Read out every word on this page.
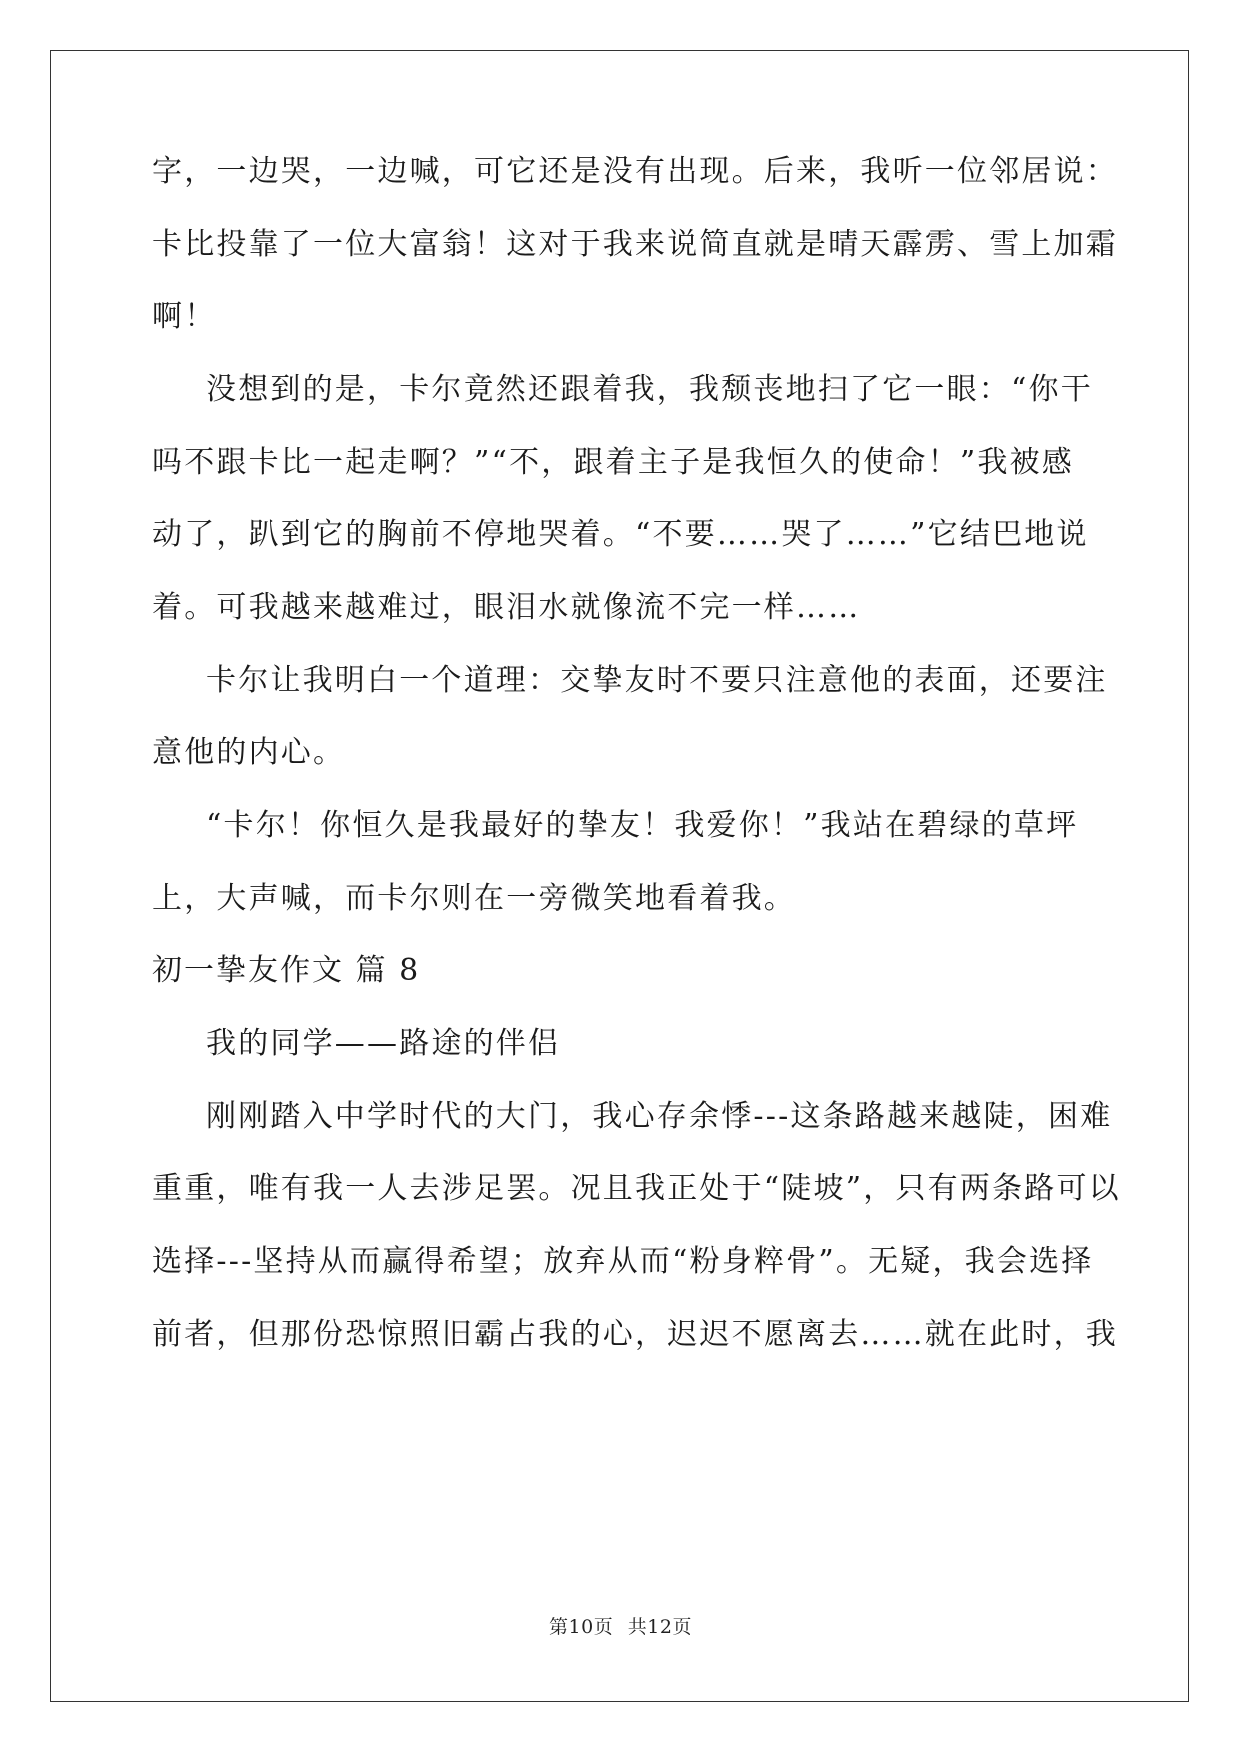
字，一边哭，一边喊，可它还是没有出现。后来，我听一位邻居说：
卡比投靠了一位大富翁！这对于我来说简直就是晴天霹雳、雪上加霜
啊！
没想到的是，卡尔竟然还跟着我，我颓丧地扫了它一眼：“你干
吗不跟卡比一起走啊？”“不，跟着主子是我恒久的使命！”我被感
动了，趴到它的胸前不停地哭着。“不要……哭了……”它结巴地说
着。可我越来越难过，眼泪水就像流不完一样……
卡尔让我明白一个道理：交挚友时不要只注意他的表面，还要注
意他的内心。
“卡尔！你恒久是我最好的挚友！我爱你！”我站在碧绿的草坪
上，大声喊，而卡尔则在一旁微笑地看着我。
初一挚友作文 篇 8
我的同学——路途的伴侣
刚刚踏入中学时代的大门，我心存余悸---这条路越来越陡，困难
重重，唯有我一人去涉足罢。况且我正处于“陡坡”，只有两条路可以
选择---坚持从而赢得希望；放弃从而“粉身粹骨”。无疑，我会选择
前者，但那份恐惊照旧霸占我的心，迟迟不愿离去……就在此时，我
第10页 共12页
